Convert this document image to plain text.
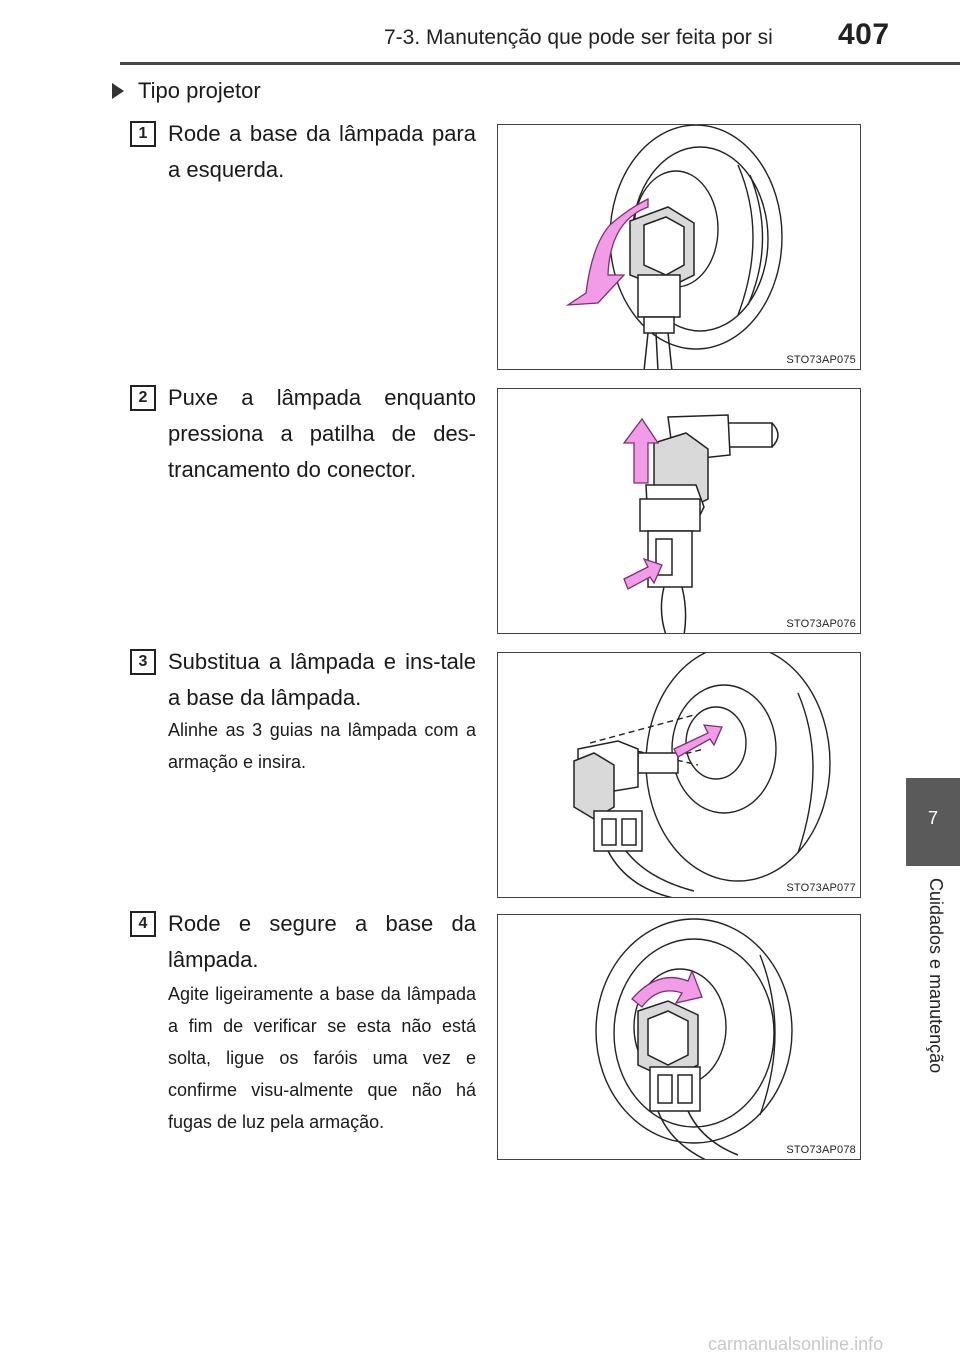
7-3. Manutenção que pode ser feita por si 407
7
Cuidados e manutenção
Tipo projetor
1 Rode a base da lâmpada para a esquerda.
STO73AP075
2 Puxe a lâmpada enquanto pressiona a patilha de des-trancamento do conector.
STO73AP076
3 Substitua a lâmpada e ins-tale a base da lâmpada.
Alinhe as 3 guias na lâmpada com a armação e insira.
STO73AP077
4 Rode e segure a base da lâmpada.
Agite ligeiramente a base da lâmpada a fim de verificar se esta não está solta, ligue os faróis uma vez e confirme visu-almente que não há fugas de luz pela armação.
STO73AP078
carmanualsonline.info
